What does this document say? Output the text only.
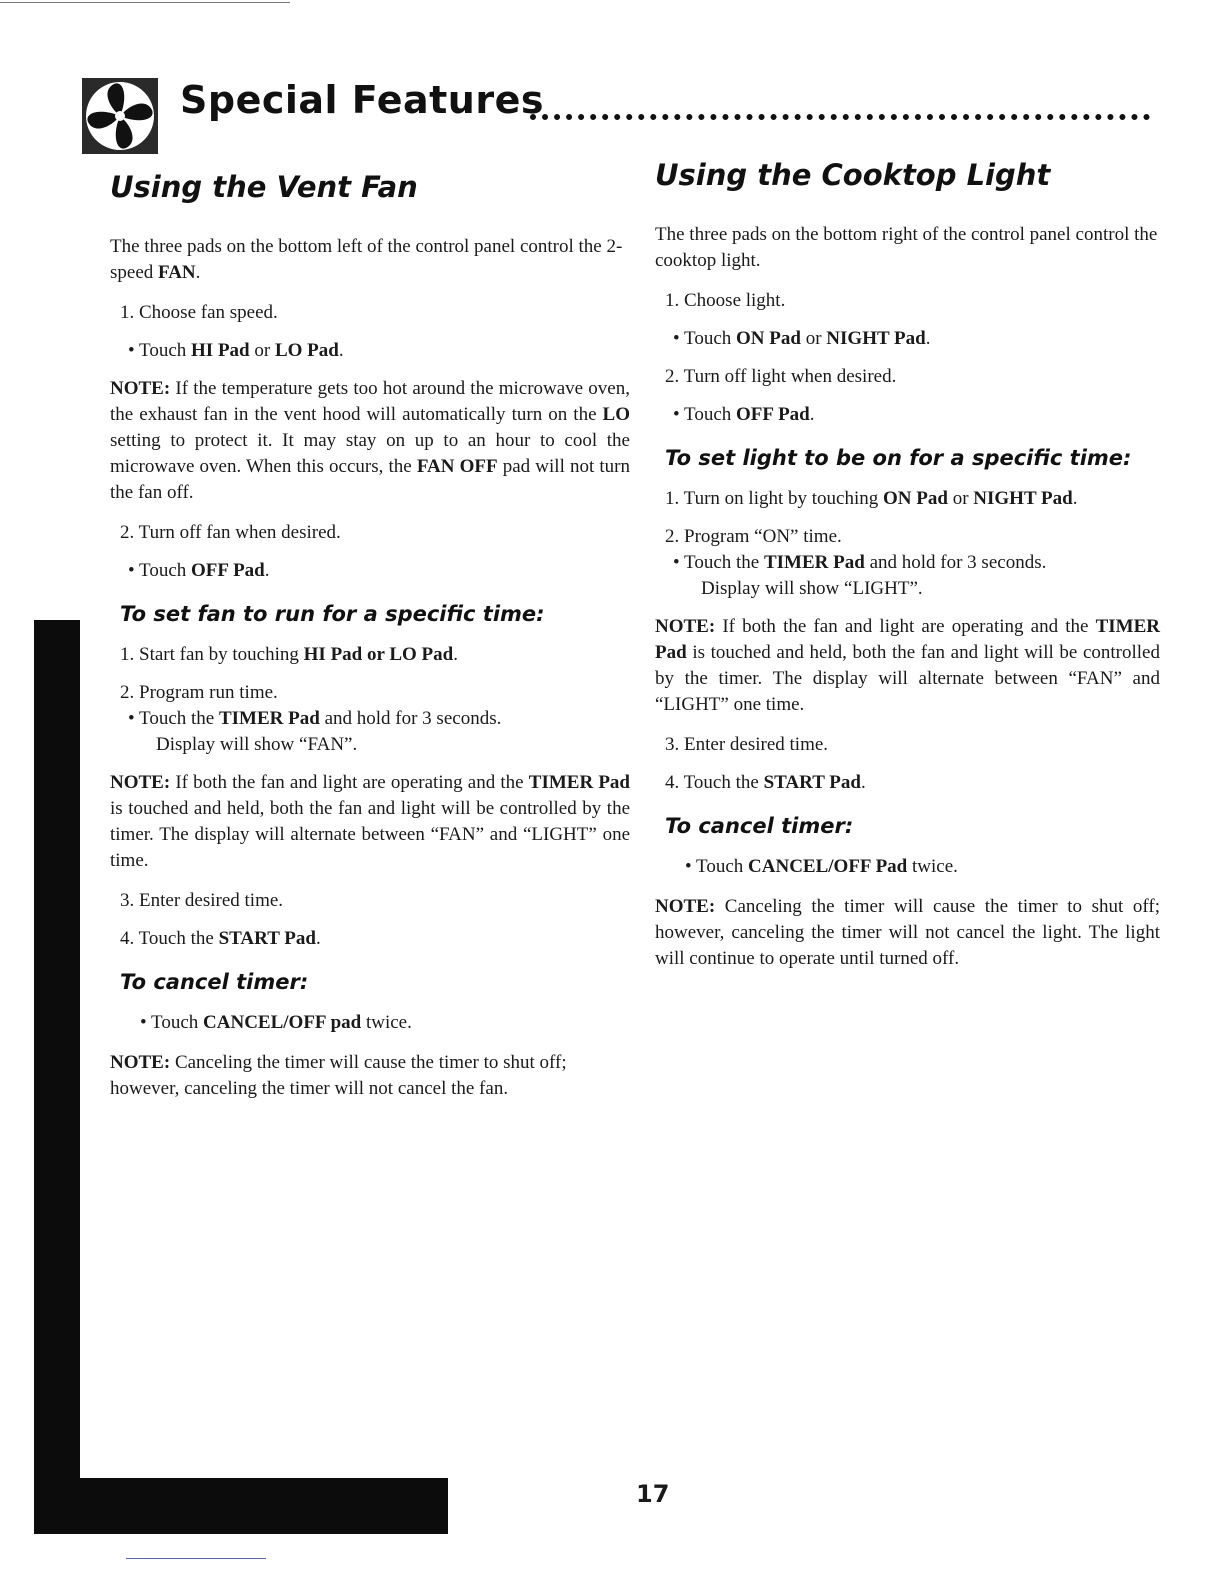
Special Features
Using the Vent Fan

The three pads on the bottom left of the control panel control the 2-speed FAN.

1. Choose fan speed.
• Touch HI Pad or LO Pad.

NOTE: If the temperature gets too hot around the microwave oven, the exhaust fan in the vent hood will automatically turn on the LO setting to protect it. It may stay on up to an hour to cool the microwave oven. When this occurs, the FAN OFF pad will not turn the fan off.

2. Turn off fan when desired.
• Touch OFF Pad.
To set fan to run for a specific time:
1. Start fan by touching HI Pad or LO Pad.
2. Program run time.
• Touch the TIMER Pad and hold for 3 seconds.
Display will show “FAN”.

NOTE: If both the fan and light are operating and the TIMER Pad is touched and held, both the fan and light will be controlled by the timer. The display will alternate between “FAN” and “LIGHT” one time.

3. Enter desired time.
4. Touch the START Pad.
To cancel timer:
• Touch CANCEL/OFF pad twice.

NOTE: Canceling the timer will cause the timer to shut off; however, canceling the timer will not cancel the fan.

Using the Cooktop Light

The three pads on the bottom right of the control panel control the cooktop light.

1. Choose light.
• Touch ON Pad or NIGHT Pad.
2. Turn off light when desired.
• Touch OFF Pad.
To set light to be on for a specific time:
1. Turn on light by touching ON Pad or NIGHT Pad.
2. Program “ON” time.
• Touch the TIMER Pad and hold for 3 seconds.
Display will show “LIGHT”.

NOTE: If both the fan and light are operating and the TIMER Pad is touched and held, both the fan and light will be controlled by the timer. The display will alternate between “FAN” and “LIGHT” one time.

3. Enter desired time.
4. Touch the START Pad.
To cancel timer:
• Touch CANCEL/OFF Pad twice.

NOTE: Canceling the timer will cause the timer to shut off; however, canceling the timer will not cancel the light. The light will continue to operate until turned off.

17
